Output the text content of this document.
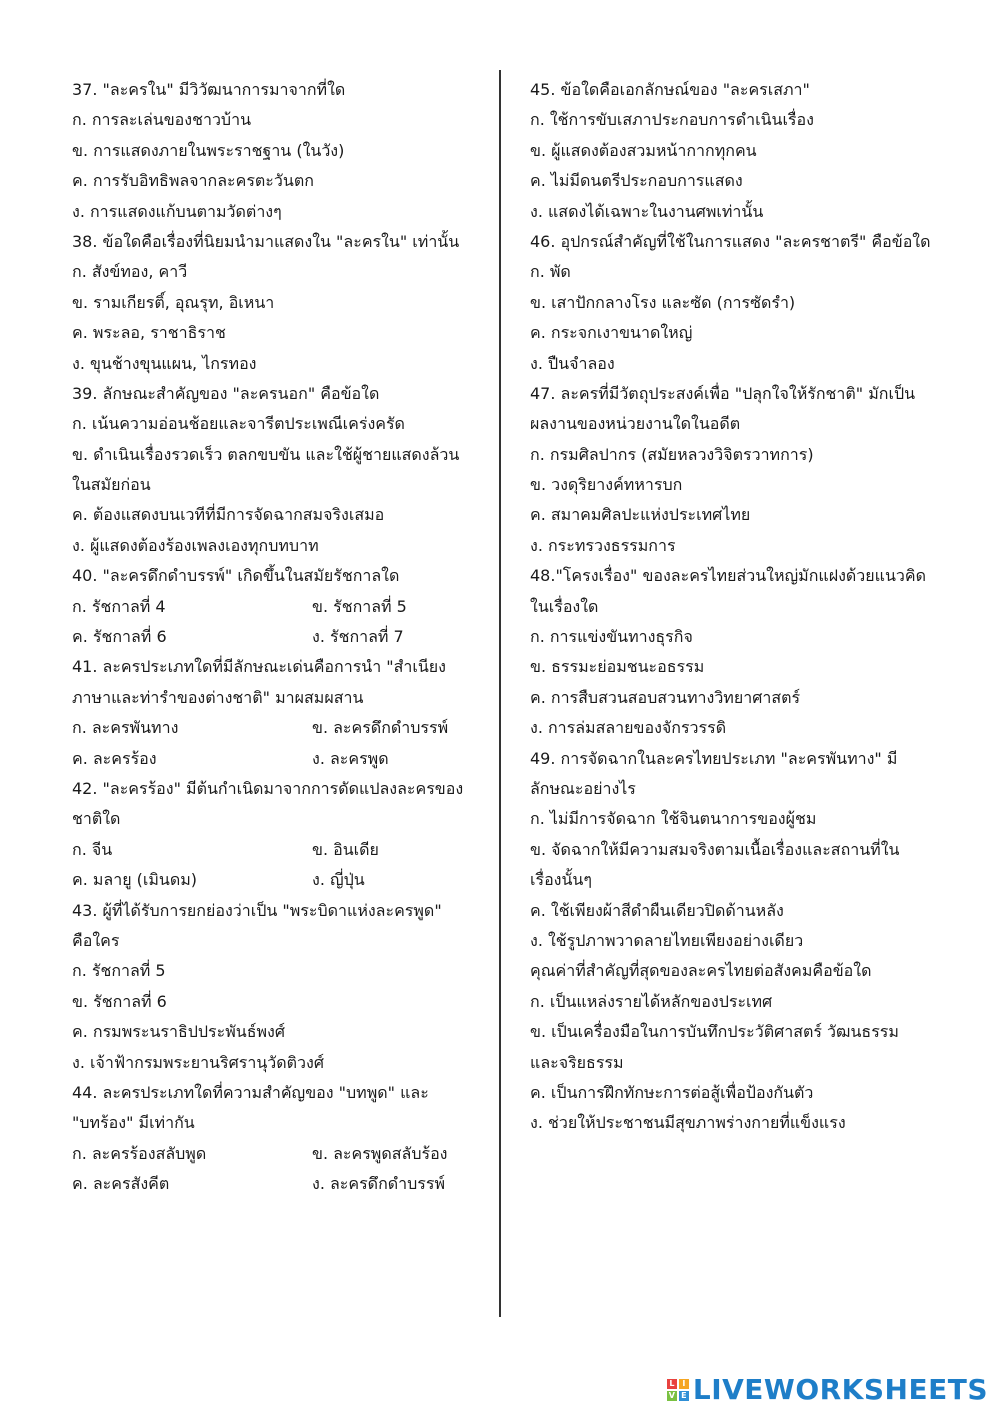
37. "ละครใน" มีวิวัฒนาการมาจากที่ใด
ก. การละเล่นของชาวบ้าน
ข. การแสดงภายในพระราชฐาน (ในวัง)
ค. การรับอิทธิพลจากละครตะวันตก
ง. การแสดงแก้บนตามวัดต่างๆ
38. ข้อใดคือเรื่องที่นิยมนำมาแสดงใน "ละครใน" เท่านั้น
ก. สังข์ทอง, คาวี
ข. รามเกียรติ์, อุณรุท, อิเหนา
ค. พระลอ, ราชาธิราช
ง. ขุนช้างขุนแผน, ไกรทอง
39. ลักษณะสำคัญของ "ละครนอก" คือข้อใด
ก. เน้นความอ่อนช้อยและจารีตประเพณีเคร่งครัด
ข. ดำเนินเรื่องรวดเร็ว ตลกขบขัน และใช้ผู้ชายแสดงล้วน
ในสมัยก่อน
ค. ต้องแสดงบนเวทีที่มีการจัดฉากสมจริงเสมอ
ง. ผู้แสดงต้องร้องเพลงเองทุกบทบาท
40. "ละครดึกดำบรรพ์" เกิดขึ้นในสมัยรัชกาลใด
ก. รัชกาลที่ 4	ข. รัชกาลที่ 5
ค. รัชกาลที่ 6	ง. รัชกาลที่ 7
41. ละครประเภทใดที่มีลักษณะเด่นคือการนำ "สำเนียง
ภาษาและท่ารำของต่างชาติ" มาผสมผสาน
ก. ละครพันทาง	ข. ละครดึกดำบรรพ์
ค. ละครร้อง	ง. ละครพูด
42. "ละครร้อง" มีต้นกำเนิดมาจากการดัดแปลงละครของ
ชาติใด
ก. จีน	ข. อินเดีย
ค. มลายู (เมินดม)	ง. ญี่ปุ่น
43. ผู้ที่ได้รับการยกย่องว่าเป็น "พระบิดาแห่งละครพูด"
คือใคร
ก. รัชกาลที่ 5
ข. รัชกาลที่ 6
ค. กรมพระนราธิปประพันธ์พงศ์
ง. เจ้าฟ้ากรมพระยานริศรานุวัดติวงศ์
44. ละครประเภทใดที่ความสำคัญของ "บทพูด" และ
"บทร้อง" มีเท่ากัน
ก. ละครร้องสลับพูด	ข. ละครพูดสลับร้อง
ค. ละครสังคีต	ง. ละครดึกดำบรรพ์
45. ข้อใดคือเอกลักษณ์ของ "ละครเสภา"
ก. ใช้การขับเสภาประกอบการดำเนินเรื่อง
ข. ผู้แสดงต้องสวมหน้ากากทุกคน
ค. ไม่มีดนตรีประกอบการแสดง
ง. แสดงได้เฉพาะในงานศพเท่านั้น
46. อุปกรณ์สำคัญที่ใช้ในการแสดง "ละครชาตรี" คือข้อใด
ก. พัด
ข. เสาปักกลางโรง และซัด (การซัดรำ)
ค. กระจกเงาขนาดใหญ่
ง. ปืนจำลอง
47. ละครที่มีวัตถุประสงค์เพื่อ "ปลุกใจให้รักชาติ" มักเป็น
ผลงานของหน่วยงานใดในอดีต
ก. กรมศิลปากร (สมัยหลวงวิจิตรวาทการ)
ข. วงดุริยางค์ทหารบก
ค. สมาคมศิลปะแห่งประเทศไทย
ง. กระทรวงธรรมการ
48."โครงเรื่อง" ของละครไทยส่วนใหญ่มักแฝงด้วยแนวคิด
ในเรื่องใด
ก. การแข่งขันทางธุรกิจ
ข. ธรรมะย่อมชนะอธรรม
ค. การสืบสวนสอบสวนทางวิทยาศาสตร์
ง. การล่มสลายของจักรวรรดิ
49. การจัดฉากในละครไทยประเภท "ละครพันทาง" มี
ลักษณะอย่างไร
ก. ไม่มีการจัดฉาก ใช้จินตนาการของผู้ชม
ข. จัดฉากให้มีความสมจริงตามเนื้อเรื่องและสถานที่ใน
เรื่องนั้นๆ
ค. ใช้เพียงผ้าสีดำผืนเดียวปิดด้านหลัง
ง. ใช้รูปภาพวาดลายไทยเพียงอย่างเดียว
คุณค่าที่สำคัญที่สุดของละครไทยต่อสังคมคือข้อใด
ก. เป็นแหล่งรายได้หลักของประเทศ
ข. เป็นเครื่องมือในการบันทึกประวัติศาสตร์ วัฒนธรรม
และจริยธรรม
ค. เป็นการฝึกทักษะการต่อสู้เพื่อป้องกันตัว
ง. ช่วยให้ประชาชนมีสุขภาพร่างกายที่แข็งแรง
L I
V E LIVEWORKSHEETS
